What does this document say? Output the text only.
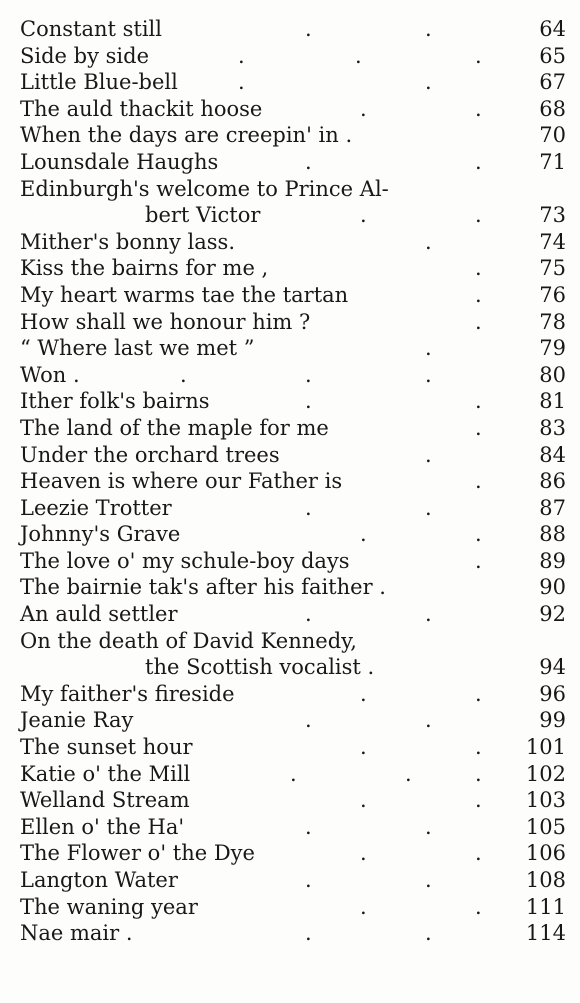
Constant still	.	.	64
Side by side	.	.	.	65
Little Blue-bell	.	.	67
The auld thackit hoose	.	.	68
When the days are creepin' in .	70
Lounsdale Haughs	.	.	71
Edinburgh's welcome to Prince Al-
bert Victor	.	.	73
Mither's bonny lass.	.	74
Kiss the bairns for me ,	.	75
My heart warms tae the tartan	.	76
How shall we honour him ?	.	78
“ Where last we met ”	.	79
Won .	.	.	.	80
Ither folk's bairns	.	.	81
The land of the maple for me	.	83
Under the orchard trees	.	84
Heaven is where our Father is	.	86
Leezie Trotter	.	.	87
Johnny's Grave	.	.	88
The love o' my schule-boy days	.	89
The bairnie tak's after his faither .	90
An auld settler	.	.	92
On the death of David Kennedy,
the Scottish vocalist .	94
My faither's fireside	.	.	96
Jeanie Ray	.	.	99
The sunset hour	.	. 101
Katie o' the Mill	.	.	. 102
Welland Stream	.	. 103
Ellen o' the Ha'	.	.	105
The Flower o' the Dye	.	. 106
Langton Water	.	.	108
The waning year	.	. 111
Nae mair .	.	.	114
